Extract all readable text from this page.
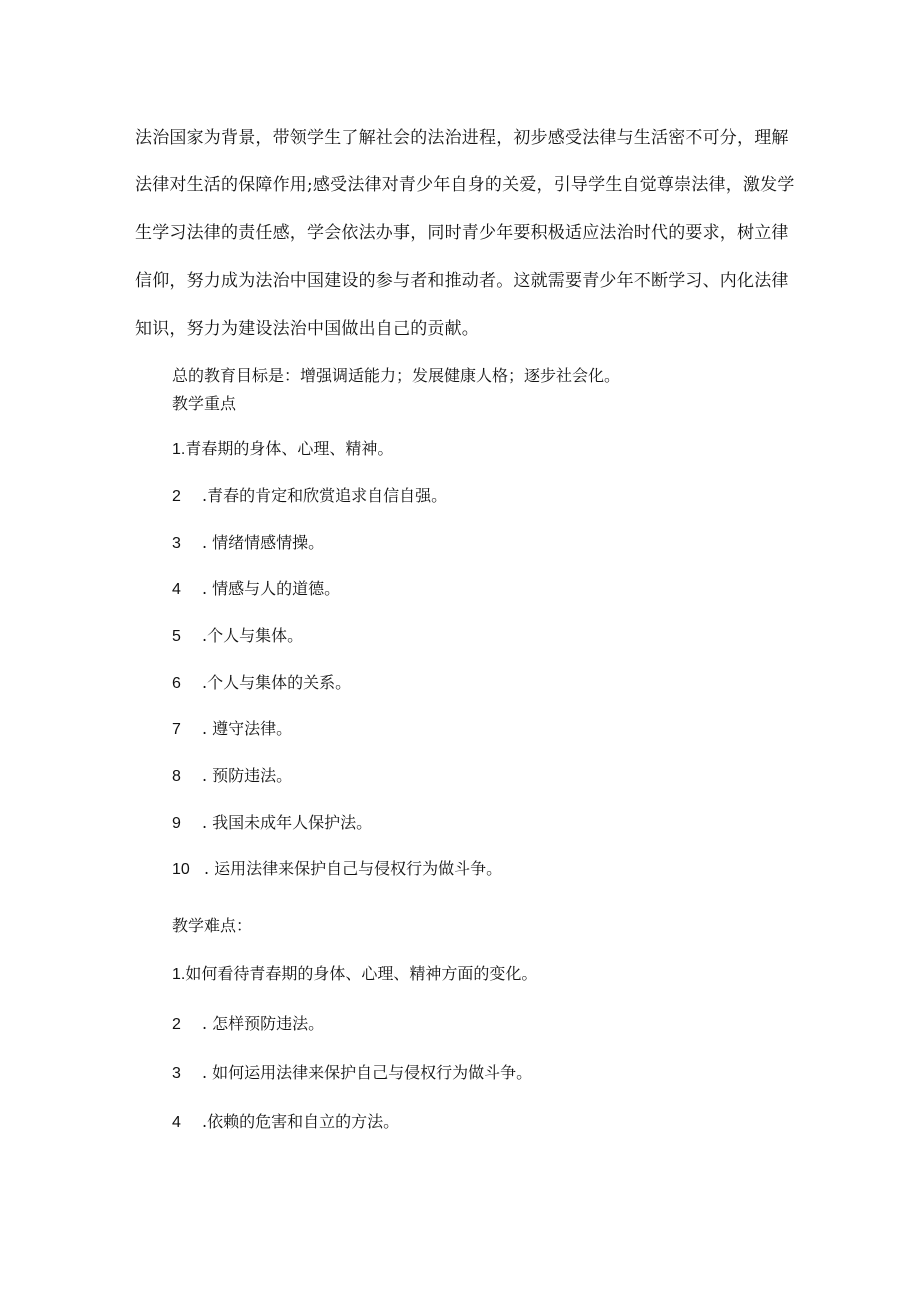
法治国家为背景，带领学生了解社会的法治进程，初步感受法律与生活密不可分，理解
法律对生活的保障作用;感受法律对青少年自身的关爱，引导学生自觉尊崇法律，激发学
生学习法律的责任感，学会依法办事，同时青少年要积极适应法治时代的要求，树立律
信仰，努力成为法治中国建设的参与者和推动者。这就需要青少年不断学习、内化法律
知识，努力为建设法治中国做出自己的贡献。
总的教育目标是：增强调适能力；发展健康人格；逐步社会化。
教学重点
1.青春期的身体、心理、精神。
2 .青春的肯定和欣赏追求自信自强。
3 . 情绪情感情操。
4 . 情感与人的道德。
5 .个人与集体。
6 .个人与集体的关系。
7 . 遵守法律。
8 . 预防违法。
9 . 我国未成年人保护法。
10 . 运用法律来保护自己与侵权行为做斗争。
教学难点：
1.如何看待青春期的身体、心理、精神方面的变化。
2 . 怎样预防违法。
3 . 如何运用法律来保护自己与侵权行为做斗争。
4 .依赖的危害和自立的方法。
